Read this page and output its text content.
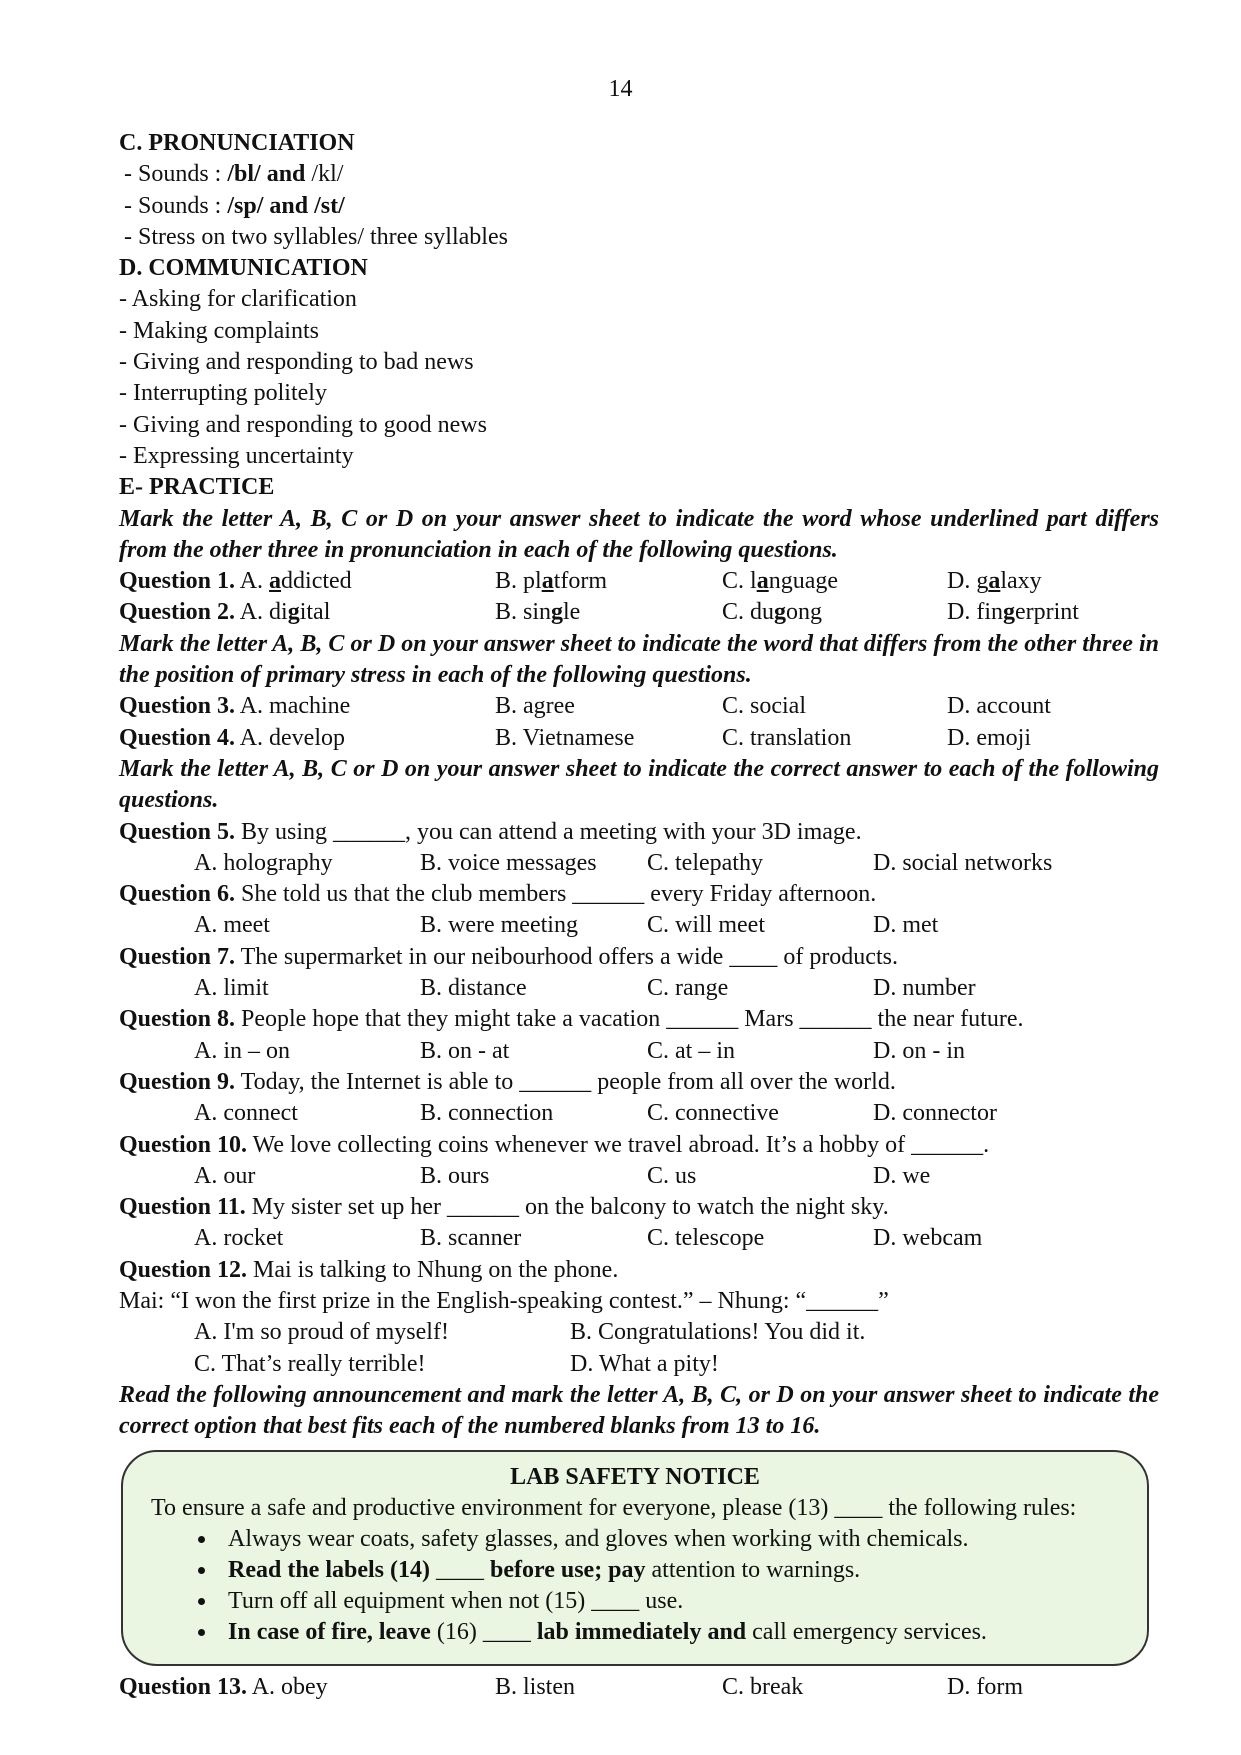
14
C. PRONUNCIATION
- Sounds : /bl/ and /kl/
- Sounds : /sp/ and /st/
- Stress on two syllables/ three syllables
D. COMMUNICATION
- Asking for clarification
- Making complaints
- Giving and responding to bad news
- Interrupting politely
- Giving and responding to good news
- Expressing uncertainty
E- PRACTICE
Mark the letter A, B, C or D on your answer sheet to indicate the word whose underlined part differs from the other three in pronunciation in each of the following questions.
Question 1. A. addicted	B. platform	C. language	D. galaxy
Question 2. A. digital	B. single	C. dugong	D. fingerprint
Mark the letter A, B, C or D on your answer sheet to indicate the word that differs from the other three in the position of primary stress in each of the following questions.
Question 3. A. machine	B. agree	C. social	D. account
Question 4. A. develop	B. Vietnamese	C. translation	D. emoji
Mark the letter A, B, C or D on your answer sheet to indicate the correct answer to each of the following questions.
Question 5. By using ______, you can attend a meeting with your 3D image.
A. holography	B. voice messages	C. telepathy	D. social networks
Question 6. She told us that the club members ______ every Friday afternoon.
A. meet	B. were meeting	C. will meet	D. met
Question 7. The supermarket in our neibourhood offers a wide ____ of products.
A. limit	B. distance	C. range	D. number
Question 8. People hope that they might take a vacation ______ Mars ______ the near future.
A. in – on	B. on - at	C. at – in	D. on - in
Question 9. Today, the Internet is able to ______ people from all over the world.
A. connect	B. connection	C. connective	D. connector
Question 10. We love collecting coins whenever we travel abroad. It’s a hobby of ______.
A. our	B. ours	C. us	D. we
Question 11. My sister set up her ______ on the balcony to watch the night sky.
A. rocket	B. scanner	C. telescope	D. webcam
Question 12. Mai is talking to Nhung on the phone.
Mai: “I won the first prize in the English-speaking contest.” – Nhung: “______”
A. I'm so proud of myself!	B. Congratulations! You did it.
C. That’s really terrible!	D. What a pity!
Read the following announcement and mark the letter A, B, C, or D on your answer sheet to indicate the correct option that best fits each of the numbered blanks from 13 to 16.
LAB SAFETY NOTICE
To ensure a safe and productive environment for everyone, please (13) ____ the following rules:
• Always wear coats, safety glasses, and gloves when working with chemicals.
• Read the labels (14) ____ before use; pay attention to warnings.
• Turn off all equipment when not (15) ____ use.
• In case of fire, leave (16) ____ lab immediately and call emergency services.
Question 13. A. obey	B. listen	C. break	D. form
